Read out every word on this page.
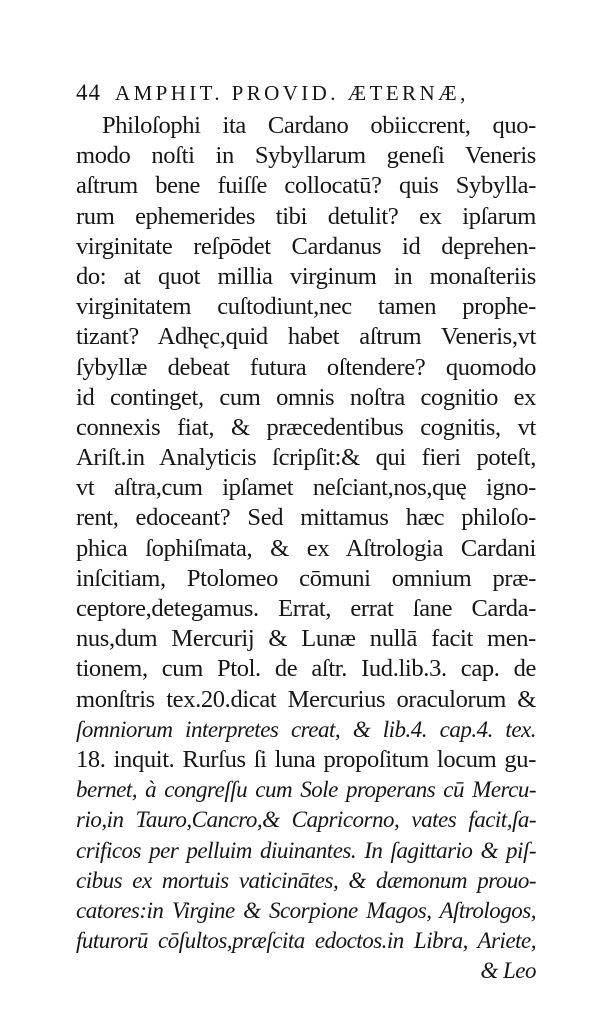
44 AMPHIT. PROVID. ÆTERNÆ,
Philoſophi ita Cardano obiiccrent, quo-
modo noſti in Sybyllarum geneſi Veneris
aſtrum bene fuiſſe collocatū? quis Sybylla-
rum ephemerides tibi detulit? ex ipſarum
virginitate reſpōdet Cardanus id deprehen-
do: at quot millia virginum in monaſteriis
virginitatem cuſtodiunt,nec tamen prophe-
tizant? Adhęc,quid habet aſtrum Veneris,vt
ſybyllæ debeat futura oſtendere? quomodo
id continget, cum omnis noſtra cognitio ex
connexis fiat, & præcedentibus cognitis, vt
Ariſt.in Analyticis ſcripſit:& qui fieri poteſt,
vt aſtra,cum ipſamet neſciant,nos,quę igno-
rent, edoceant? Sed mittamus hæc philoſo-
phica ſophiſmata, & ex Aſtrologia Cardani
inſcitiam, Ptolomeo cōmuni omnium præ-
ceptore,detegamus. Errat, errat ſane Carda-
nus,dum Mercurij & Lunæ nullā facit men-
tionem, cum Ptol. de aſtr. Iud.lib.3. cap. de
monſtris tex.20.dicat Mercurius oraculorum &
ſomniorum interpretes creat, & lib.4. cap.4. tex.
18. inquit. Rurſus ſi luna propoſitum locum gu-
bernet, à congreſſu cum Sole properans cū Mercu-
rio,in Tauro,Cancro,& Capricorno, vates facit,ſa-
crificos per pelluim diuinantes. In ſagittario & piſ-
cibus ex mortuis vaticinātes, & dæmonum prouo-
catores:in Virgine & Scorpione Magos, Aſtrologos,
futurorū cōſultos,præſcita edoctos.in Libra, Ariete,
& Leo
